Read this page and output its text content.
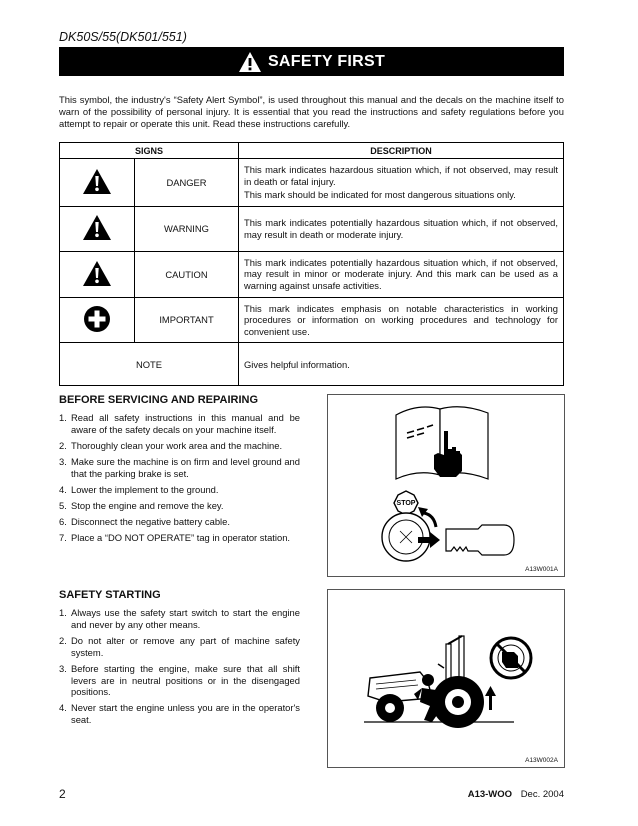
DK50S/55(DK501/551)
SAFETY FIRST
This symbol, the industry's “Safety Alert Symbol”, is used throughout this manual and the decals on the machine itself to warn of the possibility of personal injury. It is essential that you read the instructions and safety regulations before you attempt to repair or operate this unit. Read these instructions carefully.
SIGNS		DESCRIPTION
	DANGER	This mark indicates hazardous situation which, if not observed, may result in death or fatal injury.

This mark should be indicated for most dangerous situations only.

	WARNING	This mark indicates potentially hazardous situation which, if not observed, may result in death or moderate injury.

	CAUTION	This mark indicates potentially hazardous situation which, if not observed, may result in minor or moderate injury. And this mark can be used as a warning against unsafe activities.

	IMPORTANT	This mark indicates emphasis on notable characteristics in working procedures or information on working procedures and technology for convenient use.

NOTE		Gives helpful information.

BEFORE SERVICING AND REPAIRING
1. Read all safety instructions in this manual and be aware of the safety decals on your machine itself.
2. Thoroughly clean your work area and the machine.
3. Make sure the machine is on firm and level ground and that the parking brake is set.
4. Lower the implement to the ground.
5. Stop the engine and remove the key.
6. Disconnect the negative battery cable.
7. Place a “DO NOT OPERATE” tag in operator station.
STOP
A13W001A
SAFETY STARTING
1. Always use the safety start switch to start the engine and never by any other means.
2. Do not alter or remove any part of machine safety system.
3. Before starting the engine, make sure that all shift levers are in neutral positions or in the disengaged positions.
4. Never start the engine unless you are in the operator's seat.
A13W002A
2	A13-WOO Dec. 2004
